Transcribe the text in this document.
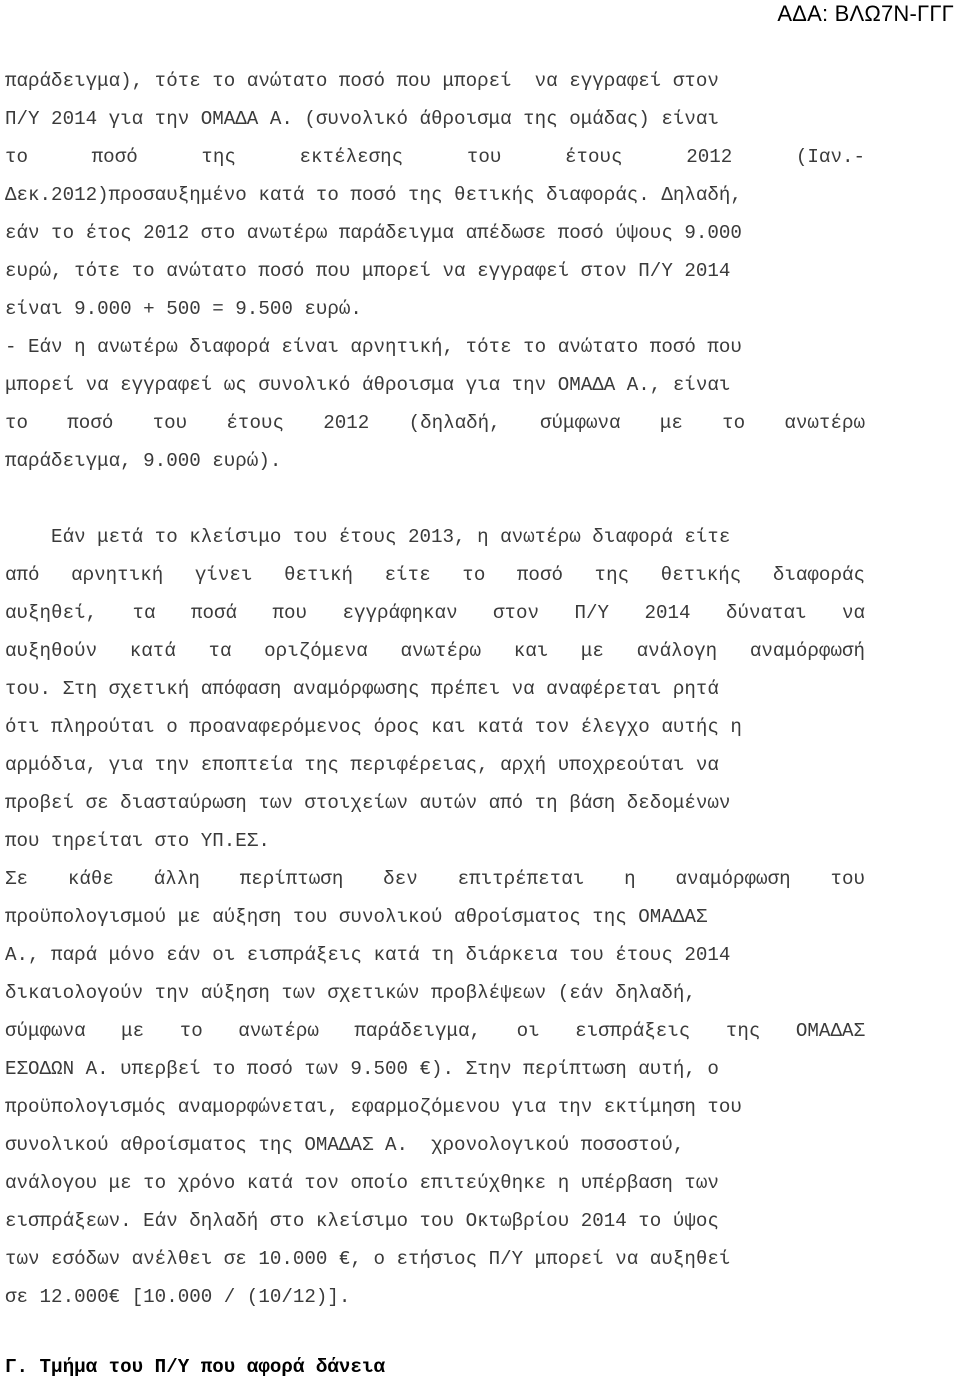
ΑΔΑ: ΒΛΩ7Ν-ΓΓΓ
παράδειγμα), τότε το ανώτατο ποσό που μπορεί  να εγγραφεί στον
Π/Υ 2014 για την ΟΜΑΔΑ Α. (συνολικό άθροισμα της ομάδας) είναι
το ποσό της εκτέλεσης του έτους 2012 (Ιαν.-
Δεκ.2012)προσαυξημένο κατά το ποσό της θετικής διαφοράς. Δηλαδή,
εάν το έτος 2012 στο ανωτέρω παράδειγμα απέδωσε ποσό ύψους 9.000
ευρώ, τότε το ανώτατο ποσό που μπορεί να εγγραφεί στον Π/Υ 2014
είναι 9.000 + 500 = 9.500 ευρώ.
- Εάν η ανωτέρω διαφορά είναι αρνητική, τότε το ανώτατο ποσό που
μπορεί να εγγραφεί ως συνολικό άθροισμα για την ΟΜΑΔΑ Α., είναι
το ποσό του έτους 2012 (δηλαδή, σύμφωνα με το ανωτέρω
παράδειγμα, 9.000 ευρώ).
Εάν μετά το κλείσιμο του έτους 2013, η ανωτέρω διαφορά είτε
από αρνητική γίνει θετική είτε το ποσό της θετικής διαφοράς
αυξηθεί, τα ποσά που εγγράφηκαν στον Π/Υ 2014 δύναται να
αυξηθούν κατά τα οριζόμενα ανωτέρω και με ανάλογη αναμόρφωσή
του. Στη σχετική απόφαση αναμόρφωσης πρέπει να αναφέρεται ρητά
ότι πληρούται ο προαναφερόμενος όρος και κατά τον έλεγχο αυτής η
αρμόδια, για την εποπτεία της περιφέρειας, αρχή υποχρεούται να
προβεί σε διασταύρωση των στοιχείων αυτών από τη βάση δεδομένων
που τηρείται στο ΥΠ.ΕΣ.
Σε κάθε άλλη περίπτωση δεν επιτρέπεται η αναμόρφωση του
προϋπολογισμού με αύξηση του συνολικού αθροίσματος της ΟΜΑΔΑΣ
Α., παρά μόνο εάν οι εισπράξεις κατά τη διάρκεια του έτους 2014
δικαιολογούν την αύξηση των σχετικών προβλέψεων (εάν δηλαδή,
σύμφωνα με το ανωτέρω παράδειγμα, οι εισπράξεις της ΟΜΑΔΑΣ
ΕΣΟΔΩΝ Α. υπερβεί το ποσό των 9.500 €). Στην περίπτωση αυτή, ο
προϋπολογισμός αναμορφώνεται, εφαρμοζόμενου για την εκτίμηση του
συνολικού αθροίσματος της ΟΜΑΔΑΣ Α.  χρονολογικού ποσοστού,
ανάλογου με το χρόνο κατά τον οποίο επιτεύχθηκε η υπέρβαση των
εισπράξεων. Εάν δηλαδή στο κλείσιμο του Οκτωβρίου 2014 το ύψος
των εσόδων ανέλθει σε 10.000 €, ο ετήσιος Π/Υ μπορεί να αυξηθεί
σε 12.000€ [10.000 / (10/12)].
Γ. Τμήμα του Π/Υ που αφορά δάνεια
